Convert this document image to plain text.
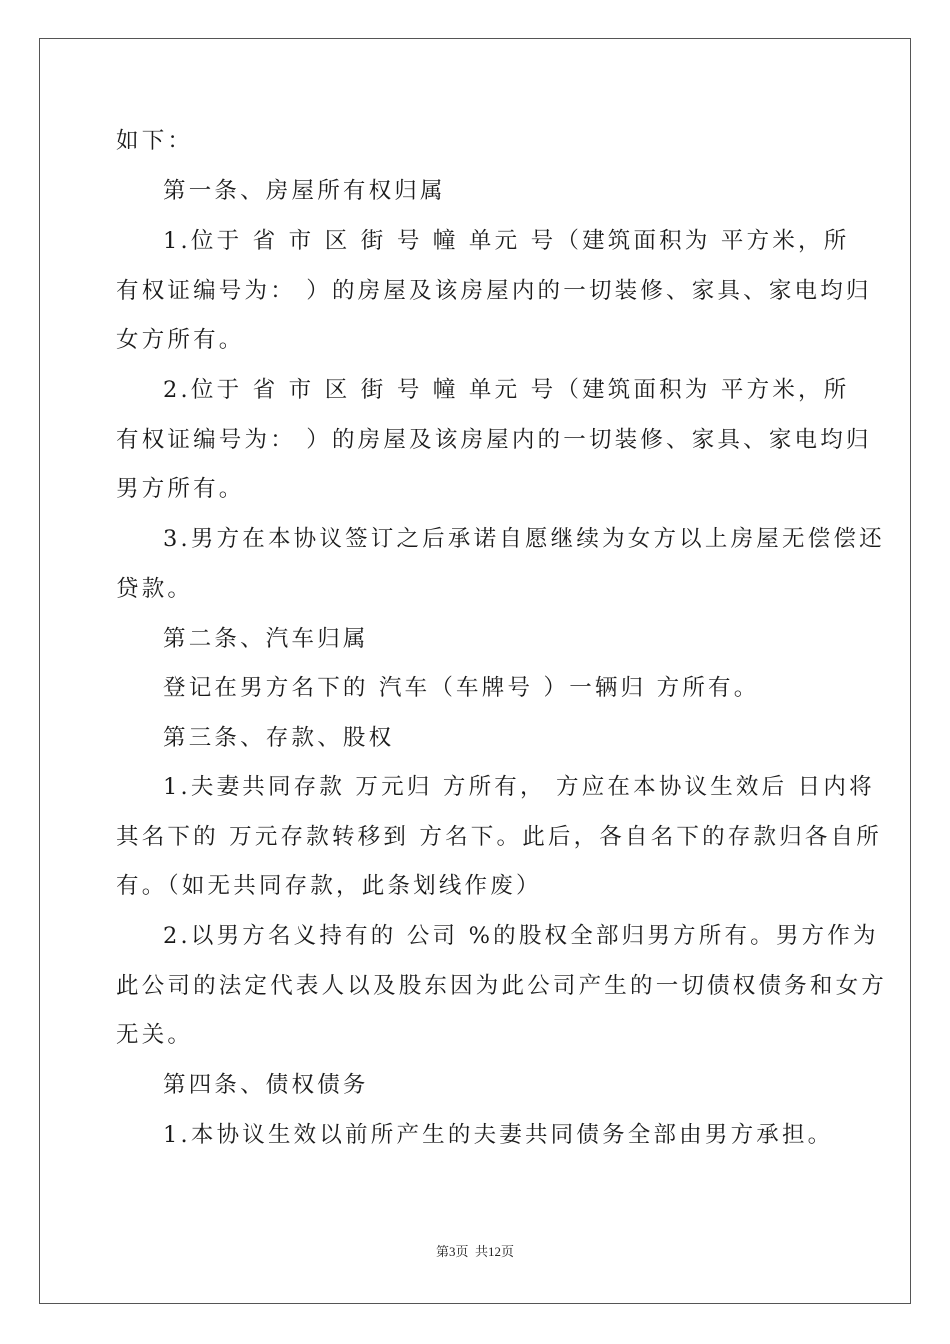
如下：
第一条、房屋所有权归属
1.位于 省 市 区 街 号 幢 单元 号（建筑面积为 平方米，所
有权证编号为： ）的房屋及该房屋内的一切装修、家具、家电均归
女方所有。
2.位于 省 市 区 街 号 幢 单元 号（建筑面积为 平方米，所
有权证编号为： ）的房屋及该房屋内的一切装修、家具、家电均归
男方所有。
3.男方在本协议签订之后承诺自愿继续为女方以上房屋无偿偿还
贷款。
第二条、汽车归属
登记在男方名下的 汽车（车牌号 ）一辆归 方所有。
第三条、存款、股权
1.夫妻共同存款 万元归 方所有， 方应在本协议生效后 日内将
其名下的 万元存款转移到 方名下。此后，各自名下的存款归各自所
有。（如无共同存款，此条划线作废）
2.以男方名义持有的 公司 %的股权全部归男方所有。男方作为
此公司的法定代表人以及股东因为此公司产生的一切债权债务和女方
无关。
第四条、债权债务
1.本协议生效以前所产生的夫妻共同债务全部由男方承担。
第3页  共12页
